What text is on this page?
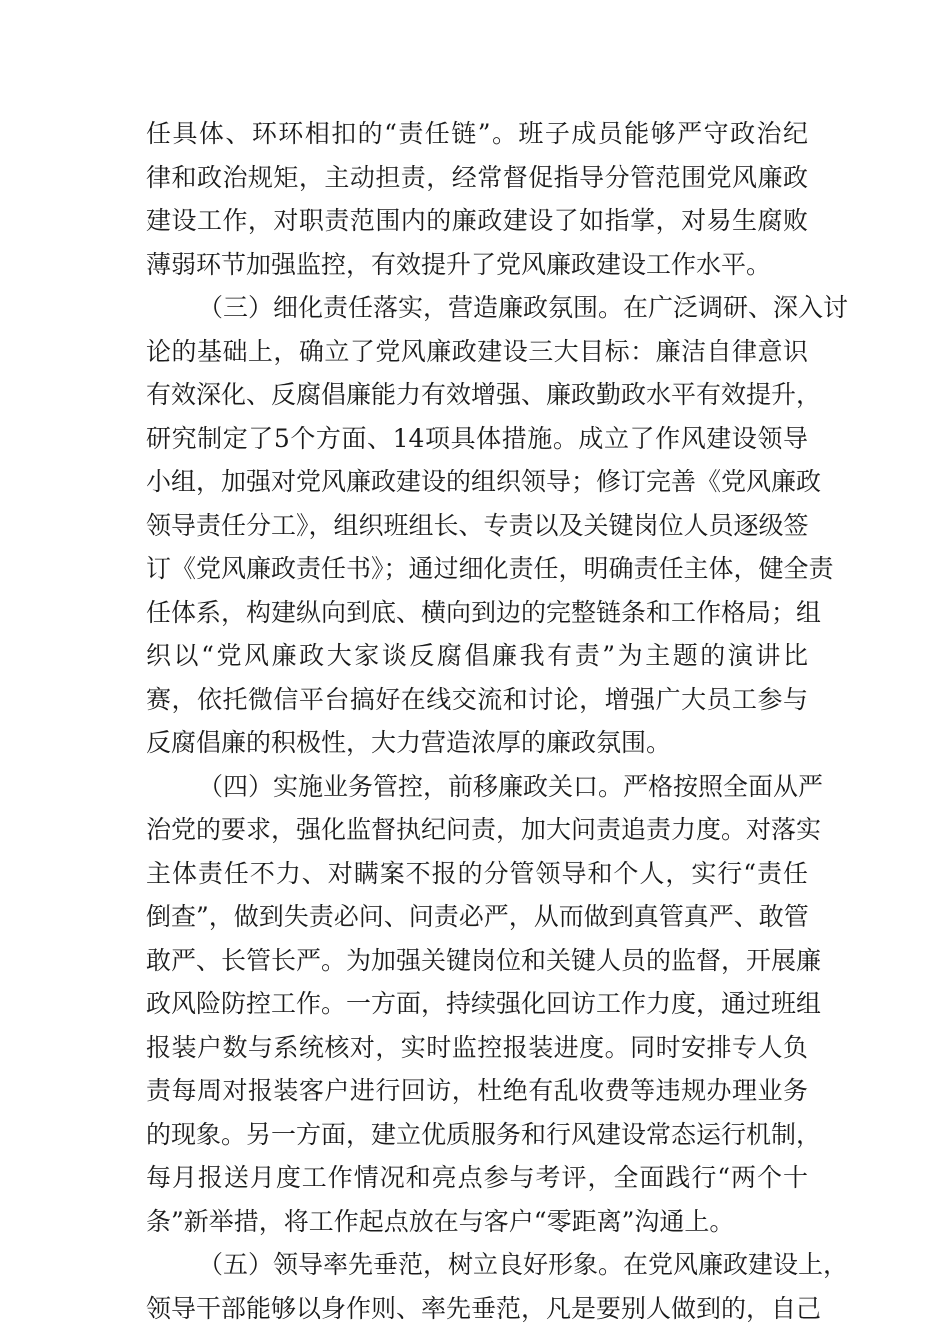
任具体、环环相扣的“责任链”。班子成员能够严守政治纪
律和政治规矩，主动担责，经常督促指导分管范围党风廉政
建设工作，对职责范围内的廉政建设了如指掌，对易生腐败
薄弱环节加强监控，有效提升了党风廉政建设工作水平。
（三）细化责任落实，营造廉政氛围。在广泛调研、深入讨
论的基础上，确立了党风廉政建设三大目标：廉洁自律意识
有效深化、反腐倡廉能力有效增强、廉政勤政水平有效提升，
研究制定了5个方面、14项具体措施。成立了作风建设领导
小组，加强对党风廉政建设的组织领导；修订完善《党风廉政
领导责任分工》，组织班组长、专责以及关键岗位人员逐级签
订《党风廉政责任书》；通过细化责任，明确责任主体，健全责
任体系，构建纵向到底、横向到边的完整链条和工作格局；组
织以“党风廉政大家谈反腐倡廉我有责”为主题的演讲比
赛，依托微信平台搞好在线交流和讨论，增强广大员工参与
反腐倡廉的积极性，大力营造浓厚的廉政氛围。
（四）实施业务管控，前移廉政关口。严格按照全面从严
治党的要求，强化监督执纪问责，加大问责追责力度。对落实
主体责任不力、对瞒案不报的分管领导和个人，实行“责任
倒查”，做到失责必问、问责必严，从而做到真管真严、敢管
敢严、长管长严。为加强关键岗位和关键人员的监督，开展廉
政风险防控工作。一方面，持续强化回访工作力度，通过班组
报装户数与系统核对，实时监控报装进度。同时安排专人负
责每周对报装客户进行回访，杜绝有乱收费等违规办理业务
的现象。另一方面，建立优质服务和行风建设常态运行机制，
每月报送月度工作情况和亮点参与考评，全面践行“两个十
条”新举措，将工作起点放在与客户“零距离”沟通上。
（五）领导率先垂范，树立良好形象。在党风廉政建设上，
领导干部能够以身作则、率先垂范，凡是要别人做到的，自己
